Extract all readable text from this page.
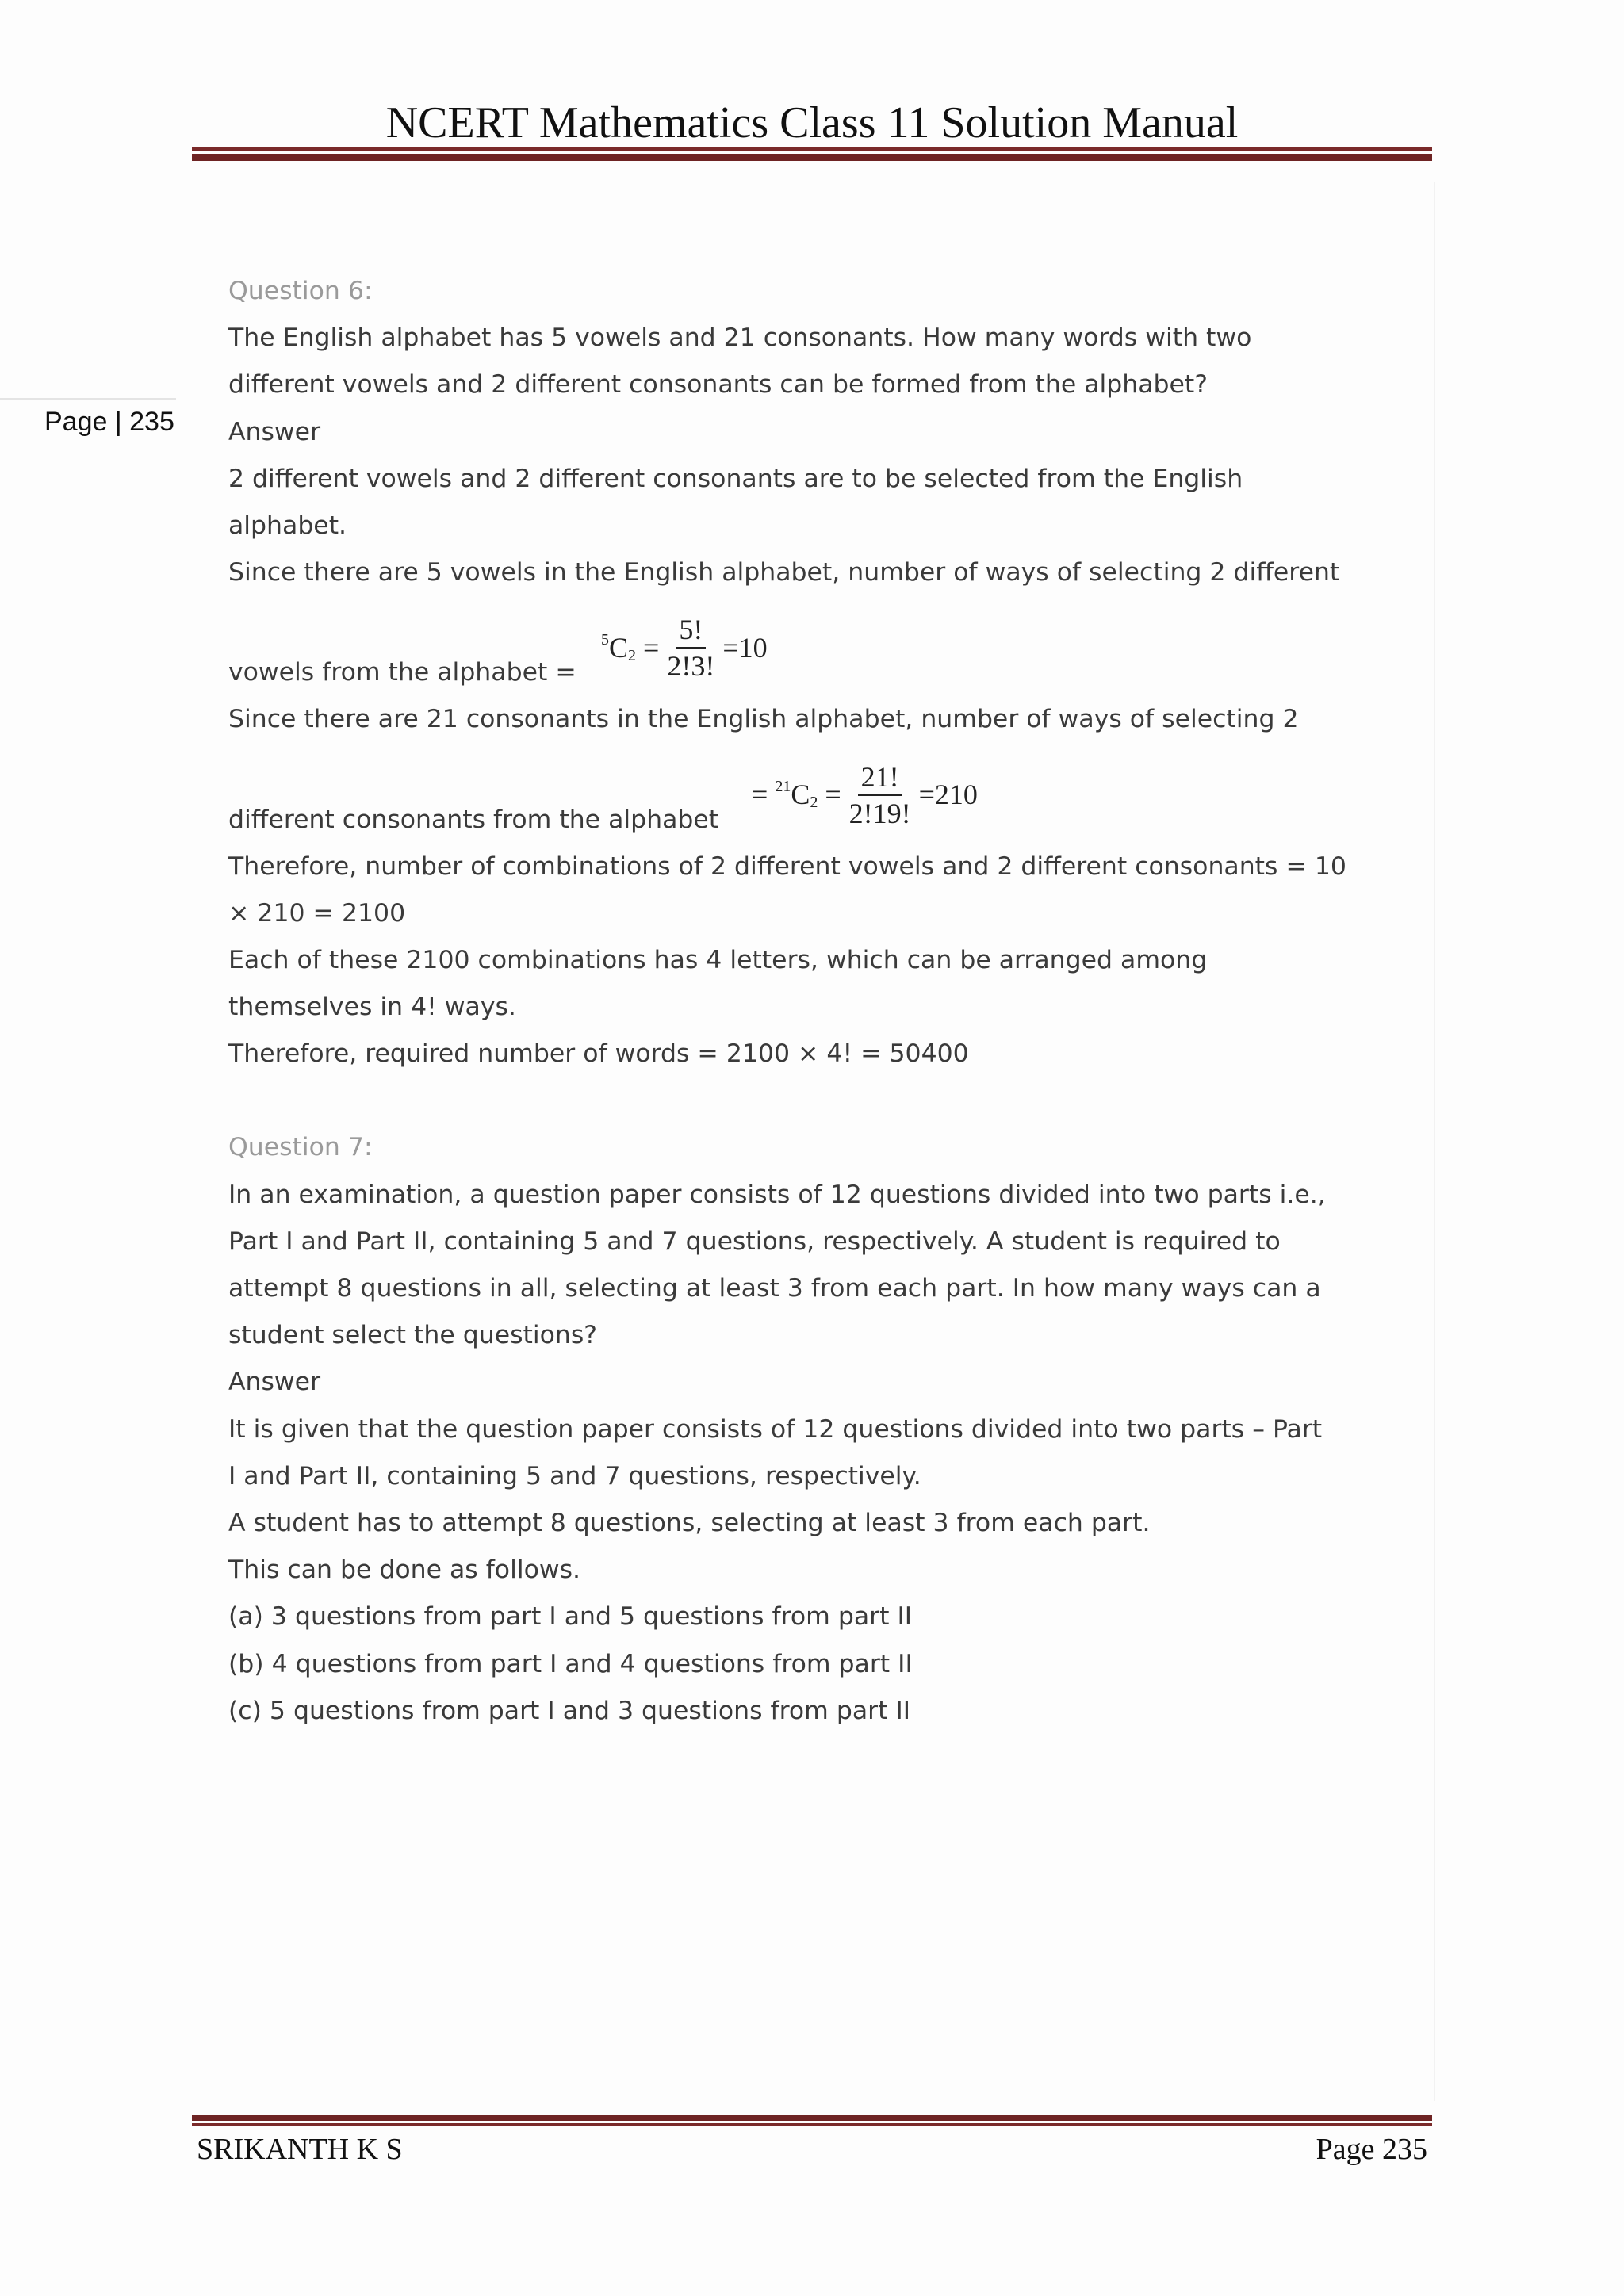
NCERT Mathematics Class 11 Solution Manual
Page | 235
Question 6:
The English alphabet has 5 vowels and 21 consonants. How many words with two
different vowels and 2 different consonants can be formed from the alphabet?
Answer
2 different vowels and 2 different consonants are to be selected from the English
alphabet.
Since there are 5 vowels in the English alphabet, number of ways of selecting 2 different
vowels from the alphabet =
5 C $2 = \frac{5!}{2!3!} =10$
Since there are 21 consonants in the English alphabet, number of ways of selecting 2
different consonants from the alphabet
= 21 C $2 = \frac{21!}{2!19!} =210$
Therefore, number of combinations of 2 different vowels and 2 different consonants = 10
× 210 = 2100
Each of these 2100 combinations has 4 letters, which can be arranged among
themselves in 4! ways.
Therefore, required number of words = 2100 × 4! = 50400
Question 7:
In an examination, a question paper consists of 12 questions divided into two parts i.e.,
Part I and Part II, containing 5 and 7 questions, respectively. A student is required to
attempt 8 questions in all, selecting at least 3 from each part. In how many ways can a
student select the questions?
Answer
It is given that the question paper consists of 12 questions divided into two parts – Part
I and Part II, containing 5 and 7 questions, respectively.
A student has to attempt 8 questions, selecting at least 3 from each part.
This can be done as follows.
(a) 3 questions from part I and 5 questions from part II
(b) 4 questions from part I and 4 questions from part II
(c) 5 questions from part I and 3 questions from part II
SRIKANTH K S	Page 235
